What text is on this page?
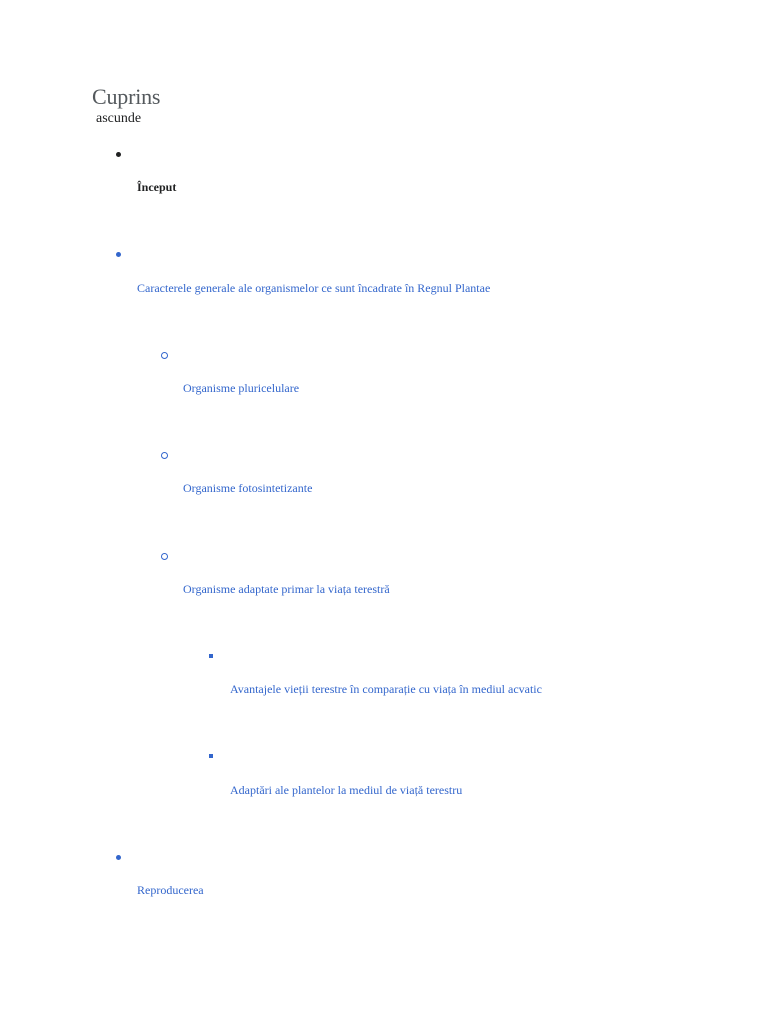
Cuprins
ascunde
Început
Caracterele generale ale organismelor ce sunt încadrate în Regnul Plantae
Organisme pluricelulare
Organisme fotosintetizante
Organisme adaptate primar la viața terestră
Avantajele vieții terestre în comparație cu viața în mediul acvatic
Adaptări ale plantelor la mediul de viață terestru
Reproducerea
